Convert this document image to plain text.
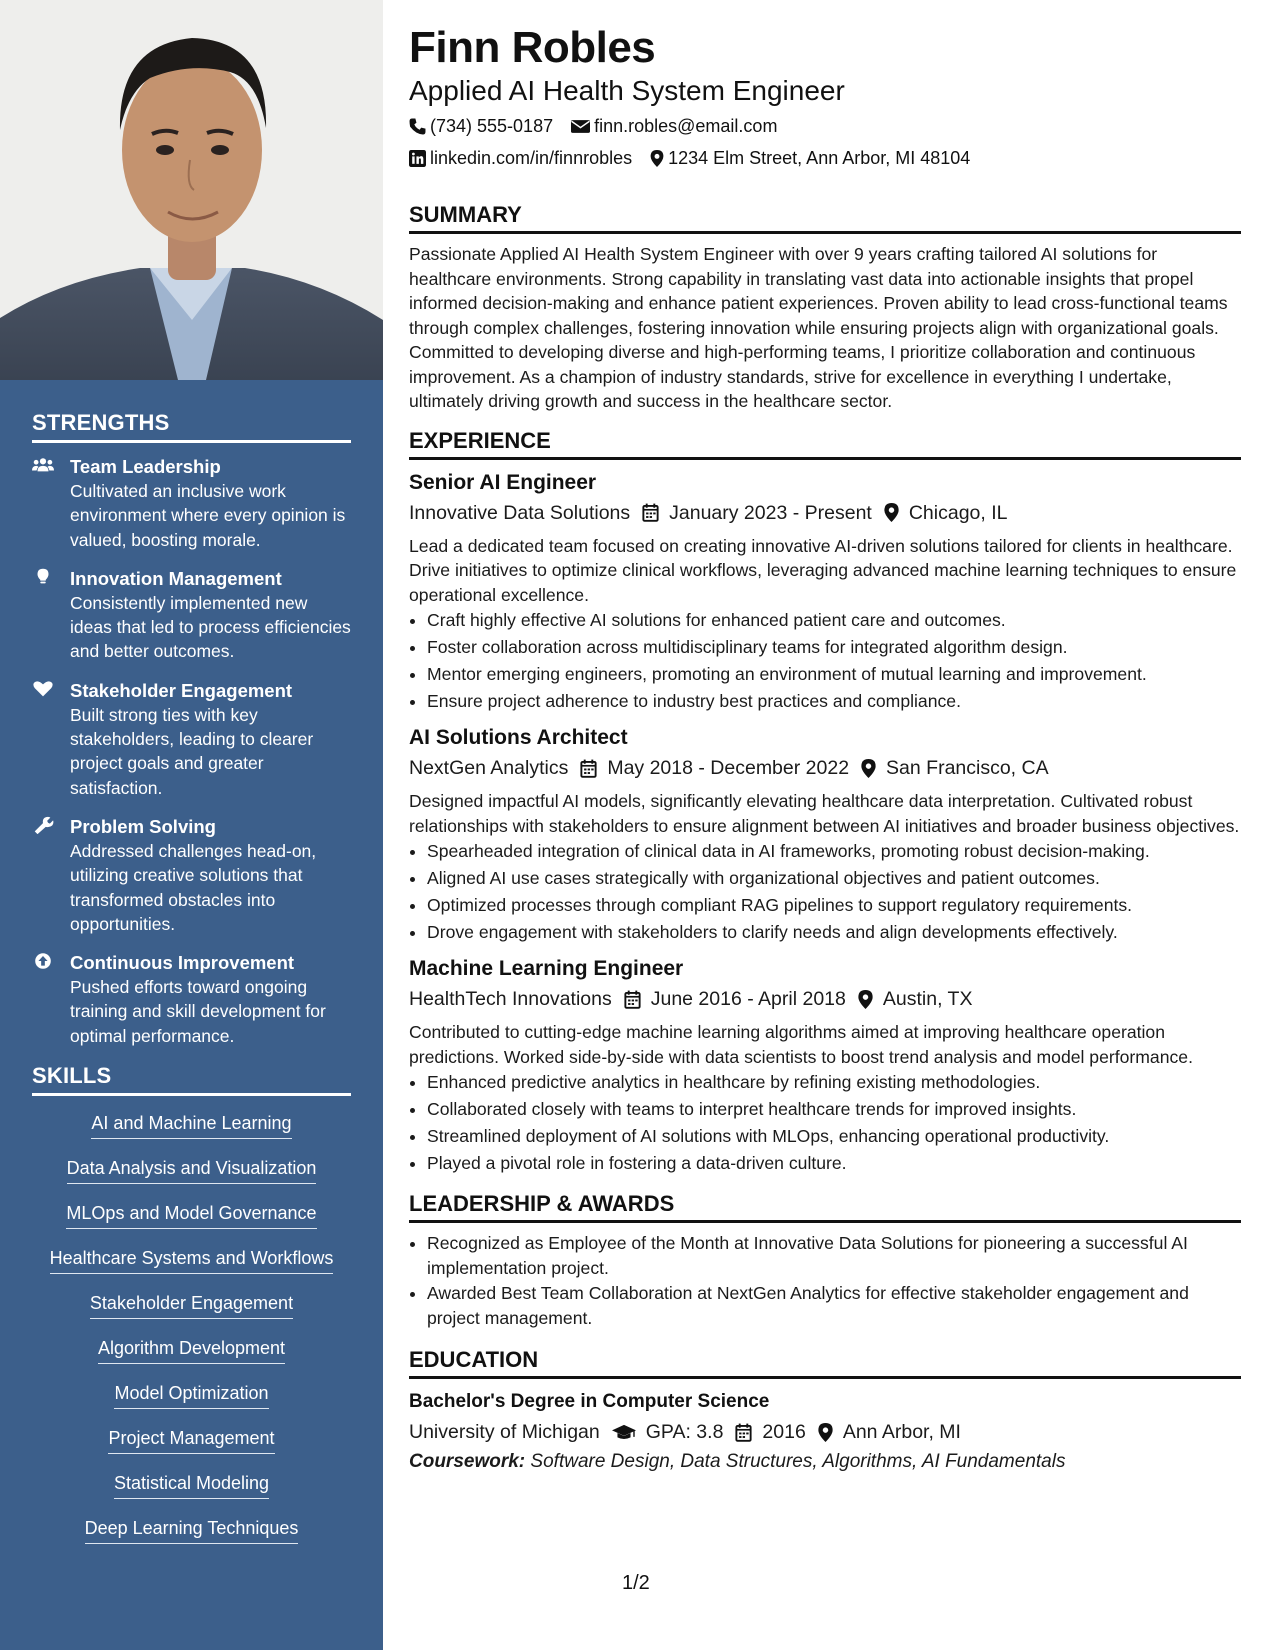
STRENGTHS
Team Leadership
Cultivated an inclusive work environment where every opinion is valued, boosting morale.
Innovation Management
Consistently implemented new ideas that led to process efficiencies and better outcomes.
Stakeholder Engagement
Built strong ties with key stakeholders, leading to clearer project goals and greater satisfaction.
Problem Solving
Addressed challenges head-on, utilizing creative solutions that transformed obstacles into opportunities.
Continuous Improvement
Pushed efforts toward ongoing training and skill development for optimal performance.
SKILLS
AI and Machine Learning
Data Analysis and Visualization
MLOps and Model Governance
Healthcare Systems and Workflows
Stakeholder Engagement
Algorithm Development
Model Optimization
Project Management
Statistical Modeling
Deep Learning Techniques
Finn Robles
Applied AI Health System Engineer
(734) 555-0187 finn.robles@email.com
linkedin.com/in/finnrobles 1234 Elm Street, Ann Arbor, MI 48104
SUMMARY
Passionate Applied AI Health System Engineer with over 9 years crafting tailored AI solutions for healthcare environments. Strong capability in translating vast data into actionable insights that propel informed decision-making and enhance patient experiences. Proven ability to lead cross-functional teams through complex challenges, fostering innovation while ensuring projects align with organizational goals. Committed to developing diverse and high-performing teams, I prioritize collaboration and continuous improvement. As a champion of industry standards, strive for excellence in everything I undertake, ultimately driving growth and success in the healthcare sector.
EXPERIENCE
Senior AI Engineer
Innovative Data Solutions January 2023 - Present Chicago, IL
Lead a dedicated team focused on creating innovative AI-driven solutions tailored for clients in healthcare. Drive initiatives to optimize clinical workflows, leveraging advanced machine learning techniques to ensure operational excellence.
• Craft highly effective AI solutions for enhanced patient care and outcomes.
• Foster collaboration across multidisciplinary teams for integrated algorithm design.
• Mentor emerging engineers, promoting an environment of mutual learning and improvement.
• Ensure project adherence to industry best practices and compliance.
AI Solutions Architect
NextGen Analytics May 2018 - December 2022 San Francisco, CA
Designed impactful AI models, significantly elevating healthcare data interpretation. Cultivated robust relationships with stakeholders to ensure alignment between AI initiatives and broader business objectives.
• Spearheaded integration of clinical data in AI frameworks, promoting robust decision-making.
• Aligned AI use cases strategically with organizational objectives and patient outcomes.
• Optimized processes through compliant RAG pipelines to support regulatory requirements.
• Drove engagement with stakeholders to clarify needs and align developments effectively.
Machine Learning Engineer
HealthTech Innovations June 2016 - April 2018 Austin, TX
Contributed to cutting-edge machine learning algorithms aimed at improving healthcare operation predictions. Worked side-by-side with data scientists to boost trend analysis and model performance.
• Enhanced predictive analytics in healthcare by refining existing methodologies.
• Collaborated closely with teams to interpret healthcare trends for improved insights.
• Streamlined deployment of AI solutions with MLOps, enhancing operational productivity.
• Played a pivotal role in fostering a data-driven culture.
LEADERSHIP & AWARDS
• Recognized as Employee of the Month at Innovative Data Solutions for pioneering a successful AI implementation project.
• Awarded Best Team Collaboration at NextGen Analytics for effective stakeholder engagement and project management.
EDUCATION
Bachelor's Degree in Computer Science
University of Michigan GPA: 3.8 2016 Ann Arbor, MI
Coursework: Software Design, Data Structures, Algorithms, AI Fundamentals
1/2
